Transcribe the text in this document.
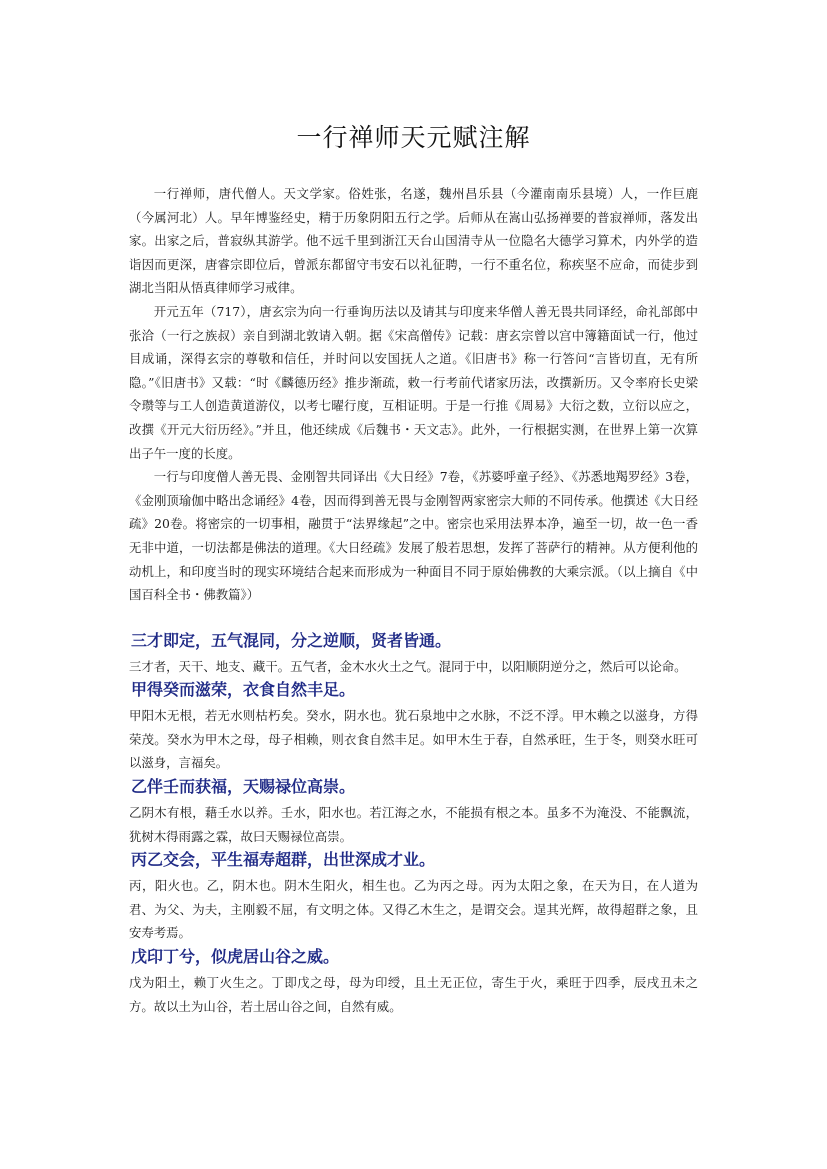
一行禅师天元赋注解

一行禅师，唐代僧人。天文学家。俗姓张，名遂，魏州昌乐县（今灌南南乐县境）人，一作巨鹿（今属河北）人。早年博鉴经史，精于历象阴阳五行之学。后师从在嵩山弘扬禅要的普寂禅师，落发出家。出家之后，普寂纵其游学。他不远千里到浙江天台山国清寺从一位隐名大德学习算术，内外学的造诣因而更深，唐睿宗即位后，曾派东都留守韦安石以礼征聘，一行不重名位，称疾坚不应命，而徒步到湖北当阳从悟真律师学习戒律。

开元五年（717），唐玄宗为向一行垂询历法以及请其与印度来华僧人善无畏共同译经，命礼部郎中张洽（一行之族叔）亲自到湖北敦请入朝。据《宋高僧传》记载：唐玄宗曾以宫中簿籍面试一行，他过目成诵，深得玄宗的尊敬和信任，并时问以安国抚人之道。《旧唐书》称一行答问“言皆切直，无有所隐。”《旧唐书》又载：“时《麟德历经》推步渐疏，敕一行考前代诸家历法，改撰新历。又令率府长史梁令瓒等与工人创造黄道游仪，以考七曜行度，互相证明。于是一行推《周易》大衍之数，立衍以应之，改撰《开元大衍历经》。”并且，他还续成《后魏书・天文志》。此外，一行根据实测，在世界上第一次算出子午一度的长度。

一行与印度僧人善无畏、金刚智共同译出《大日经》7卷，《苏婆呼童子经》、《苏悉地羯罗经》3卷，《金刚顶瑜伽中略出念诵经》4卷，因而得到善无畏与金刚智两家密宗大师的不同传承。他撰述《大日经疏》20卷。将密宗的一切事相，融贯于“法界缘起”之中。密宗也采用法界本净，遍至一切，故一色一香无非中道，一切法都是佛法的道理。《大日经疏》发展了般若思想，发挥了菩萨行的精神。从方便利他的动机上，和印度当时的现实环境结合起来而形成为一种面目不同于原始佛教的大乘宗派。（以上摘自《中国百科全书・佛教篇》）

三才即定，五气混同，分之逆顺，贤者皆通。

三才者，天干、地支、藏干。五气者，金木水火土之气。混同于中，以阳顺阴逆分之，然后可以论命。

甲得癸而滋荣，衣食自然丰足。

甲阳木无根，若无水则枯朽矣。癸水，阴水也。犹石泉地中之水脉，不泛不浮。甲木赖之以滋身，方得荣茂。癸水为甲木之母，母子相赖，则衣食自然丰足。如甲木生于春，自然承旺，生于冬，则癸水旺可以滋身，言福矣。

乙伴壬而获福，天赐禄位高崇。

乙阴木有根，藉壬水以养。壬水，阳水也。若江海之水，不能损有根之本。虽多不为淹没、不能飘流，犹树木得雨露之霖，故曰天赐禄位高崇。

丙乙交会，平生福寿超群，出世深成才业。

丙，阳火也。乙，阴木也。阴木生阳火，相生也。乙为丙之母。丙为太阳之象，在天为日，在人道为君、为父、为夫，主刚毅不屈，有文明之体。又得乙木生之，是谓交会。逞其光辉，故得超群之象，且安寿考焉。

戊印丁兮，似虎居山谷之威。

戊为阳土，赖丁火生之。丁即戊之母，母为印绶，且土无正位，寄生于火，乘旺于四季，辰戌丑未之方。故以土为山谷，若土居山谷之间，自然有威。
